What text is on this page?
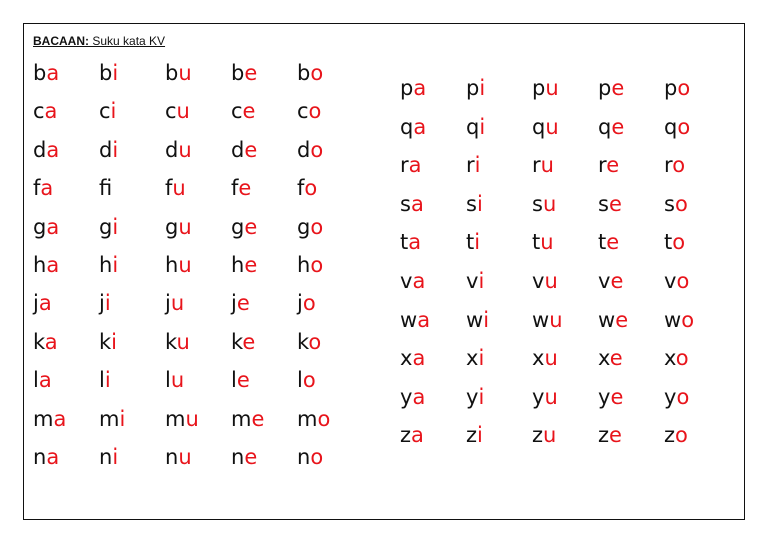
BACAAN: Suku kata KV
ba bi bu be bo
ca ci cu ce co
da di du de do
fa f	fu fe fo
ga gi gu ge go
ha hi hu he ho
ja ji	ju je jo
ka ki ku ke ko
la li	lu le lo
ma mi mu me mo
na ni nu ne no
pa pi pu pe po
qa qi qu qe qo
ra ri ru re ro
sa si su se so
ta ti tu te to
va vi vu ve vo
wa wi wu we wo
xa xi xu xe xo
ya yi yu ye yo
za zi zu ze zo
